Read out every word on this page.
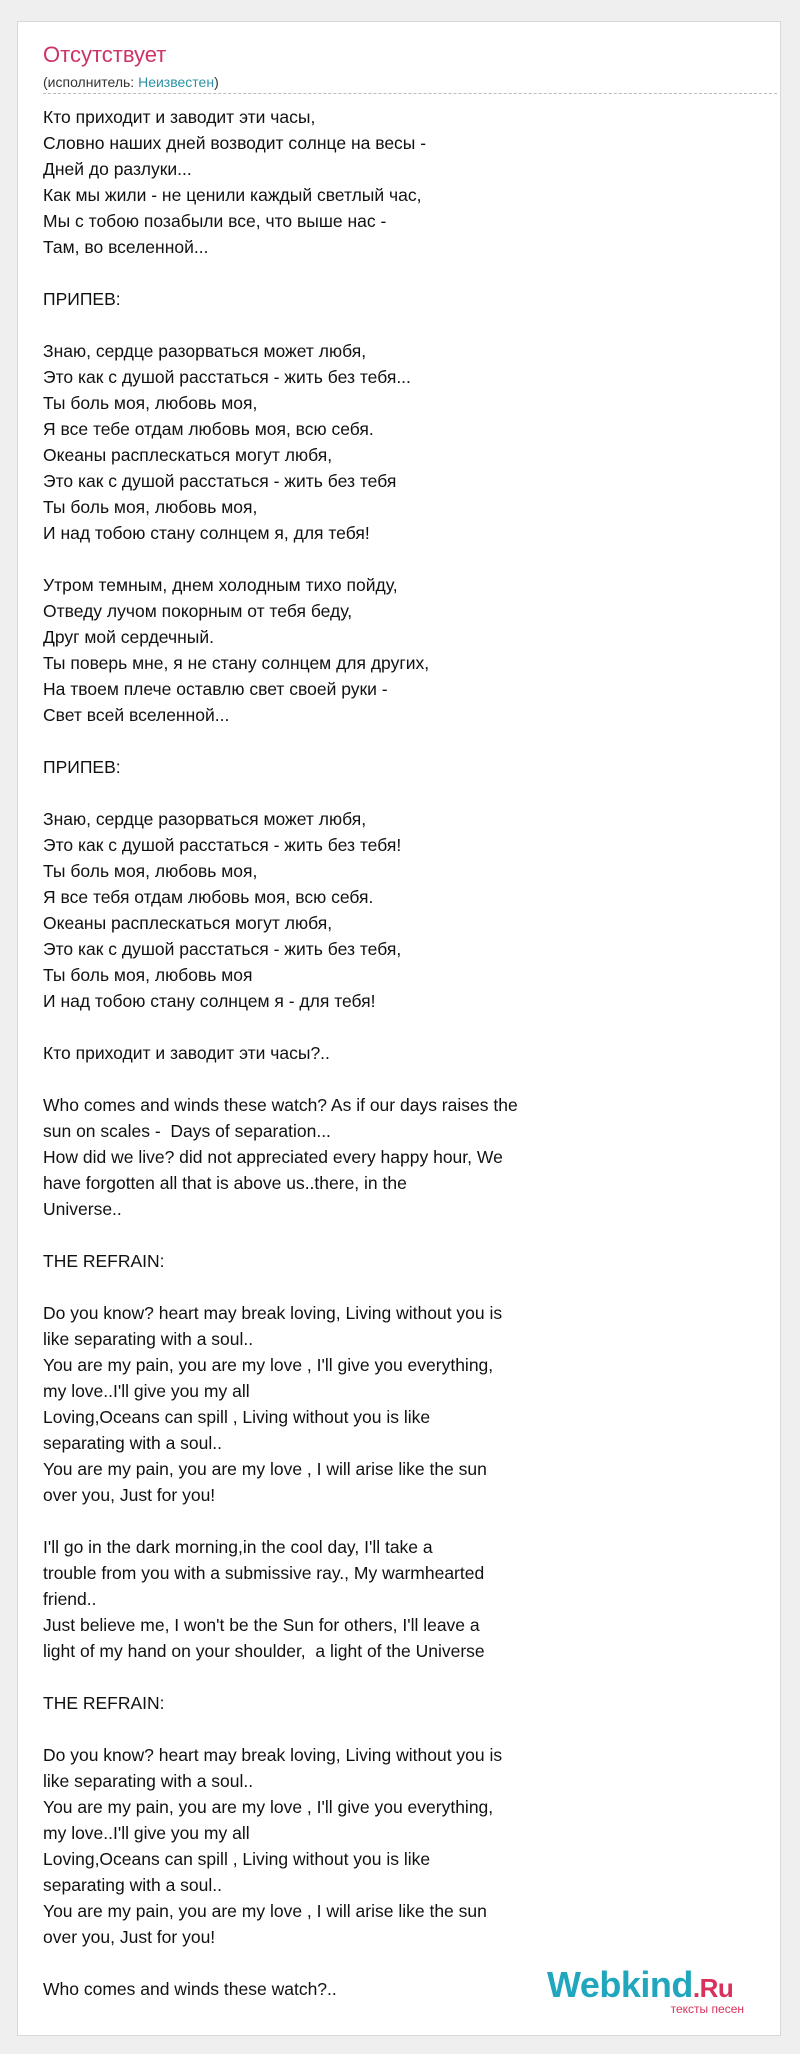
Отсутствует
(исполнитель: Неизвестен)
Кто приходит и заводит эти часы,
Словно наших дней возводит солнце на весы -
Дней до разлуки...
Как мы жили - не ценили каждый светлый час,
Мы с тобою позабыли все, что выше нас -
Там, во вселенной...

ПРИПЕВ:

Знаю, сердце разорваться может любя,
Это как с душой расстаться - жить без тебя...
Ты боль моя, любовь моя,
Я все тебе отдам любовь моя, всю себя.
Океаны расплескаться могут любя,
Это как с душой расстаться - жить без тебя
Ты боль моя, любовь моя,
И над тобою стану солнцем я, для тебя!

Утром темным, днем холодным тихо пойду,
Отведу лучом покорным от тебя беду,
Друг мой сердечный.
Ты поверь мне, я не стану солнцем для других,
На твоем плече оставлю свет своей руки -
Свет всей вселенной...

ПРИПЕВ:

Знаю, сердце разорваться может любя,
Это как с душой расстаться - жить без тебя!
Ты боль моя, любовь моя,
Я все тебя отдам любовь моя, всю себя.
Океаны расплескаться могут любя,
Это как с душой расстаться - жить без тебя,
Ты боль моя, любовь моя
И над тобою стану солнцем я - для тебя!

Кто приходит и заводит эти часы?..

Who comes and winds these watch? As if our days raises the
sun on scales -  Days of separation...
How did we live? did not appreciated every happy hour, We
have forgotten all that is above us..there, in the
Universe..

THE REFRAIN:

Do you know? heart may break loving, Living without you is
like separating with a soul..
You are my pain, you are my love , I'll give you everything,
my love..I'll give you my all
Loving,Oceans can spill , Living without you is like
separating with a soul..
You are my pain, you are my love , I will arise like the sun
over you, Just for you!

I'll go in the dark morning,in the cool day, I'll take a
trouble from you with a submissive ray., My warmhearted
friend..
Just believe me, I won't be the Sun for others, I'll leave a
light of my hand on your shoulder,  a light of the Universe

THE REFRAIN:

Do you know? heart may break loving, Living without you is
like separating with a soul..
You are my pain, you are my love , I'll give you everything,
my love..I'll give you my all
Loving,Oceans can spill , Living without you is like
separating with a soul..
You are my pain, you are my love , I will arise like the sun
over you, Just for you!

Who comes and winds these watch?..	Webkind.Ru
тексты песен
